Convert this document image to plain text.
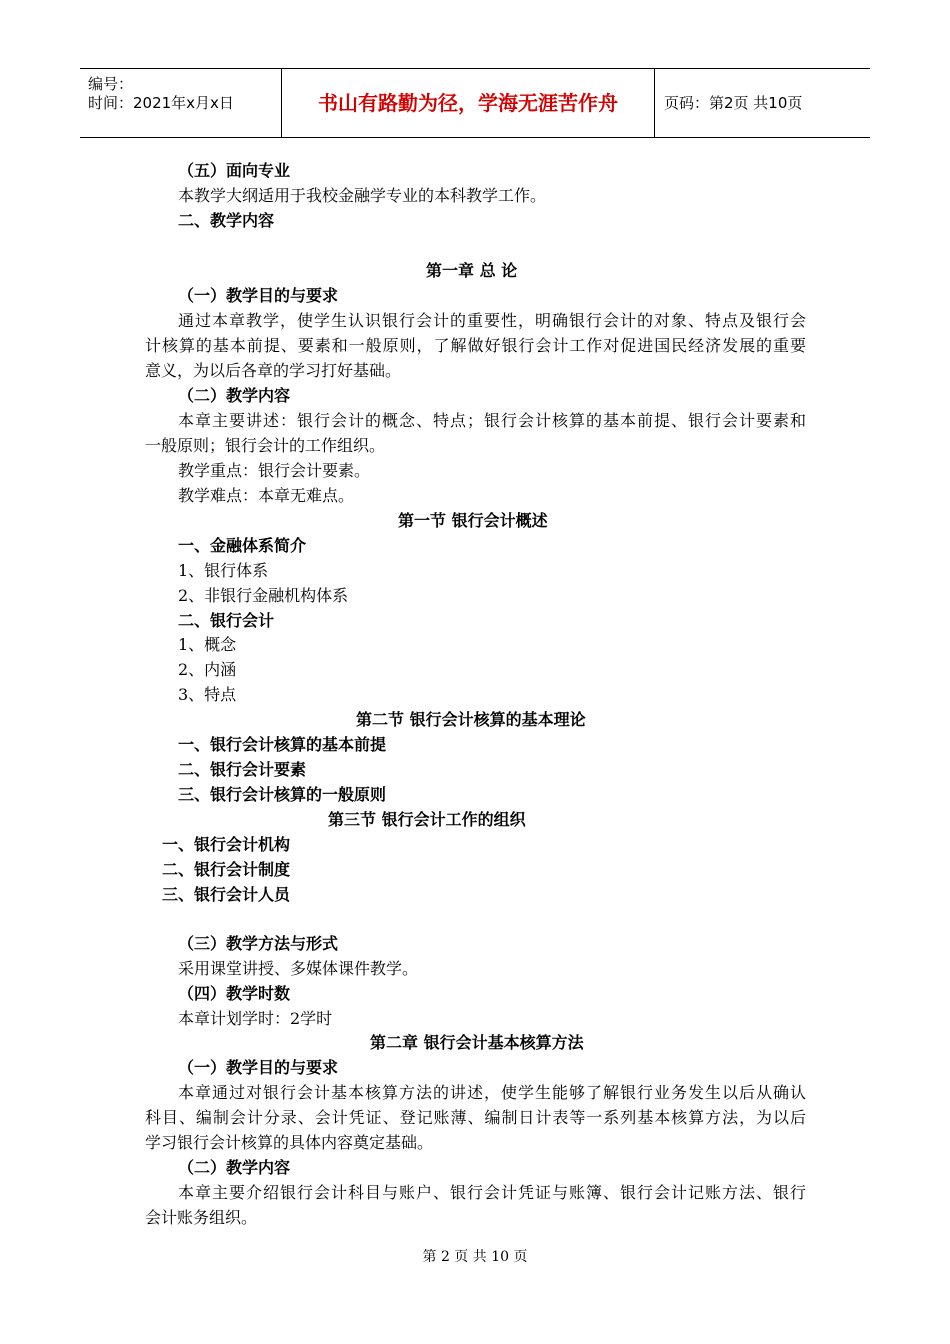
编号：
时间：2021年x月x日	书山有路勤为径，学海无涯苦作舟	页码：第2页 共10页
（五）面向专业
本教学大纲适用于我校金融学专业的本科教学工作。
二、教学内容
第一章 总 论
（一）教学目的与要求
通过本章教学，使学生认识银行会计的重要性，明确银行会计的对象、特点及银行会
计核算的基本前提、要素和一般原则，了解做好银行会计工作对促进国民经济发展的重要
意义，为以后各章的学习打好基础。
（二）教学内容
本章主要讲述：银行会计的概念、特点；银行会计核算的基本前提、银行会计要素和
一般原则；银行会计的工作组织。
教学重点：银行会计要素。
教学难点：本章无难点。
第一节 银行会计概述
一、金融体系简介
1、银行体系
2、非银行金融机构体系
二、银行会计
1、概念
2、内涵
3、特点
第二节 银行会计核算的基本理论
一、银行会计核算的基本前提
二、银行会计要素
三、银行会计核算的一般原则
第三节 银行会计工作的组织
一、银行会计机构
二、银行会计制度
三、银行会计人员
（三）教学方法与形式
采用课堂讲授、多媒体课件教学。
（四）教学时数
本章计划学时：2学时
第二章 银行会计基本核算方法
（一）教学目的与要求
本章通过对银行会计基本核算方法的讲述，使学生能够了解银行业务发生以后从确认
科目、编制会计分录、会计凭证、登记账薄、编制日计表等一系列基本核算方法，为以后
学习银行会计核算的具体内容奠定基础。
（二）教学内容
本章主要介绍银行会计科目与账户、银行会计凭证与账簿、银行会计记账方法、银行
会计账务组织。
第 2 页 共 10 页
